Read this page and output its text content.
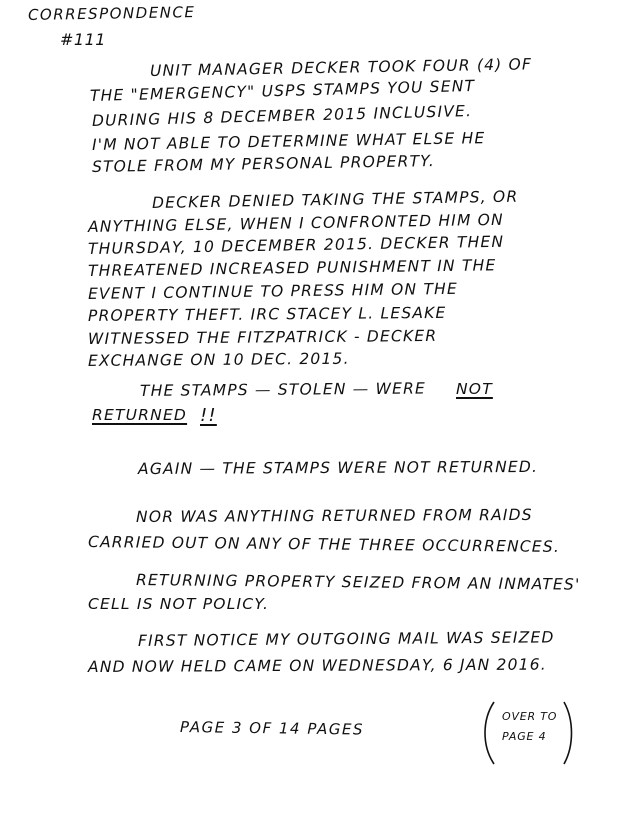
CORRESPONDENCE
#111
UNIT MANAGER DECKER TOOK FOUR (4) OF
THE "EMERGENCY" USPS STAMPS YOU SENT
DURING HIS 8 DECEMBER 2015 INCLUSIVE.
I'M NOT ABLE TO DETERMINE WHAT ELSE HE
STOLE FROM MY PERSONAL PROPERTY.
DECKER DENIED TAKING THE STAMPS, OR
ANYTHING ELSE, WHEN I CONFRONTED HIM ON
THURSDAY, 10 DECEMBER 2015. DECKER THEN
THREATENED INCREASED PUNISHMENT IN THE
EVENT I CONTINUE TO PRESS HIM ON THE
PROPERTY THEFT. IRC STACEY L. LESAKE
WITNESSED THE FITZPATRICK - DECKER
EXCHANGE ON 10 DEC. 2015.
THE STAMPS — STOLEN — WERE NOT
RETURNED !!
AGAIN — THE STAMPS WERE NOT RETURNED.
NOR WAS ANYTHING RETURNED FROM RAIDS
CARRIED OUT ON ANY OF THE THREE OCCURRENCES.
RETURNING PROPERTY SEIZED FROM AN INMATES'
CELL IS NOT POLICY.
FIRST NOTICE MY OUTGOING MAIL WAS SEIZED
AND NOW HELD CAME ON WEDNESDAY, 6 JAN 2016.
PAGE 3 OF 14 PAGES
OVER TO
PAGE 4
